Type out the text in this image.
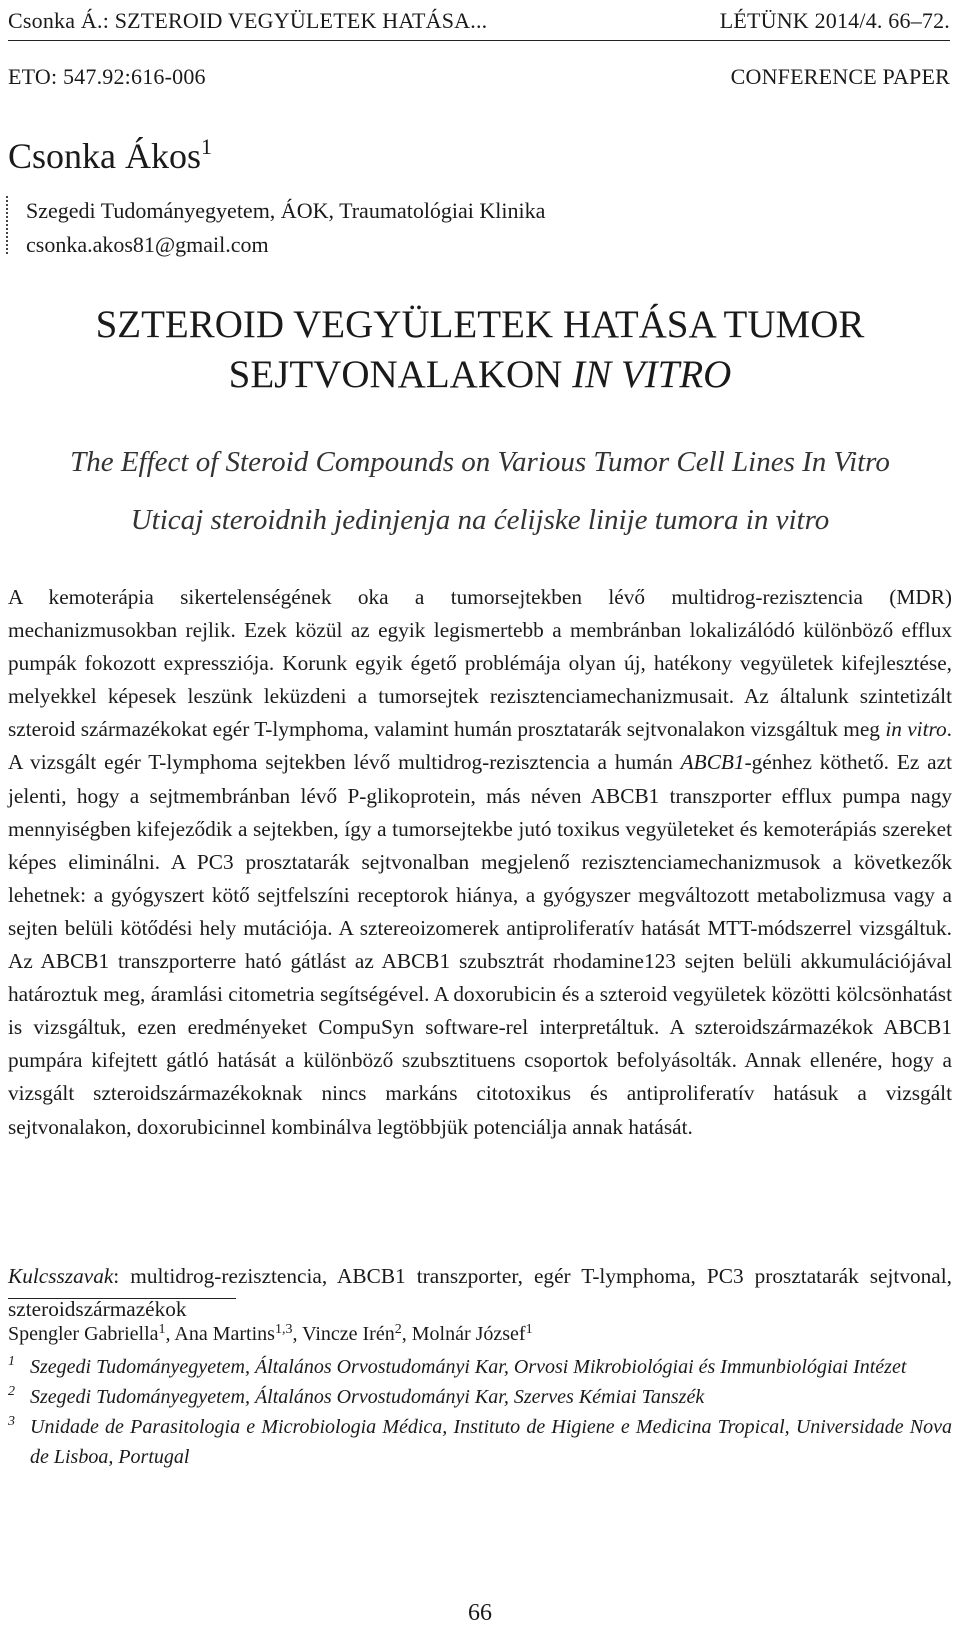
Csonka Á.: SZTEROID VEGYÜLETEK HATÁSA...	LÉTÜNK 2014/4. 66–72.
ETO: 547.92:616-006	CONFERENCE PAPER
Csonka Ákos$^1$
Szegedi Tudományegyetem, ÁOK, Traumatológiai Klinika
csonka.akos81@gmail.com
SZTEROID VEGYÜLETEK HATÁSA TUMOR
SEJTVONALAKON IN VITRO
The Effect of Steroid Compounds on Various Tumor Cell Lines In Vitro
Uticaj steroidnih jedinjenja na ćelijske linije tumora in vitro
A kemoterápia sikertelenségének oka a tumorsejtekben lévő multidrog-rezisztencia (MDR) mechanizmusokban rejlik. Ezek közül az egyik legismertebb a membránban lokalizálódó különböző efflux pumpák fokozott expressziója. Korunk egyik égető problémája olyan új, hatékony vegyületek kifejlesztése, melyekkel képesek leszünk leküzdeni a tumorsejtek rezisztenciamechanizmusait. Az általunk szintetizált szteroid származékokat egér T-lymphoma, valamint humán prosztatarák sejtvonalakon vizsgáltuk meg in vitro. A vizsgált egér T-lymphoma sejtekben lévő multidrog-rezisztencia a humán ABCB1-génhez köthető. Ez azt jelenti, hogy a sejtmembránban lévő P-glikoprotein, más néven ABCB1 transzporter efflux pumpa nagy mennyiségben kifejeződik a sejtekben, így a tumorsejtekbe jutó toxikus vegyületeket és kemoterápiás szereket képes eliminálni. A PC3 prosztatarák sejtvonalban megjelenő rezisztenciamechanizmusok a következők lehetnek: a gyógyszert kötő sejtfelszíni receptorok hiánya, a gyógyszer megváltozott metabolizmusa vagy a sejten belüli kötődési hely mutációja. A sztereoizomerek antiproliferatív hatását MTT-módszerrel vizsgáltuk. Az ABCB1 transzporterre ható gátlást az ABCB1 szubsztrát rhodamine123 sejten belüli akkumulációjával határoztuk meg, áramlási citometria segítségével. A doxorubicin és a szteroid vegyületek közötti kölcsönhatást is vizsgáltuk, ezen eredményeket CompuSyn software-rel interpretáltuk. A szteroidszármazékok ABCB1 pumpára kifejtett gátló hatását a különböző szubsztituens csoportok befolyásolták. Annak ellenére, hogy a vizsgált szteroidszármazékoknak nincs markáns citotoxikus és antiproliferatív hatásuk a vizsgált sejtvonalakon, doxorubicinnel kombinálva legtöbbjük potenciálja annak hatását.
Kulcsszavak: multidrog-rezisztencia, ABCB1 transzporter, egér T-lymphoma, PC3 prosztatarák sejtvonal, szteroidszármazékok
Spengler Gabriella$^1$, Ana Martins$^{1,3}$, Vincze Irén$^2$, Molnár József$^1$
1 Szegedi Tudományegyetem, Általános Orvostudományi Kar, Orvosi Mikrobiológiai és Immunbiológiai Intézet
2 Szegedi Tudományegyetem, Általános Orvostudományi Kar, Szerves Kémiai Tanszék
3 Unidade de Parasitologia e Microbiologia Médica, Instituto de Higiene e Medicina Tropical, Universidade Nova de Lisboa, Portugal
66
